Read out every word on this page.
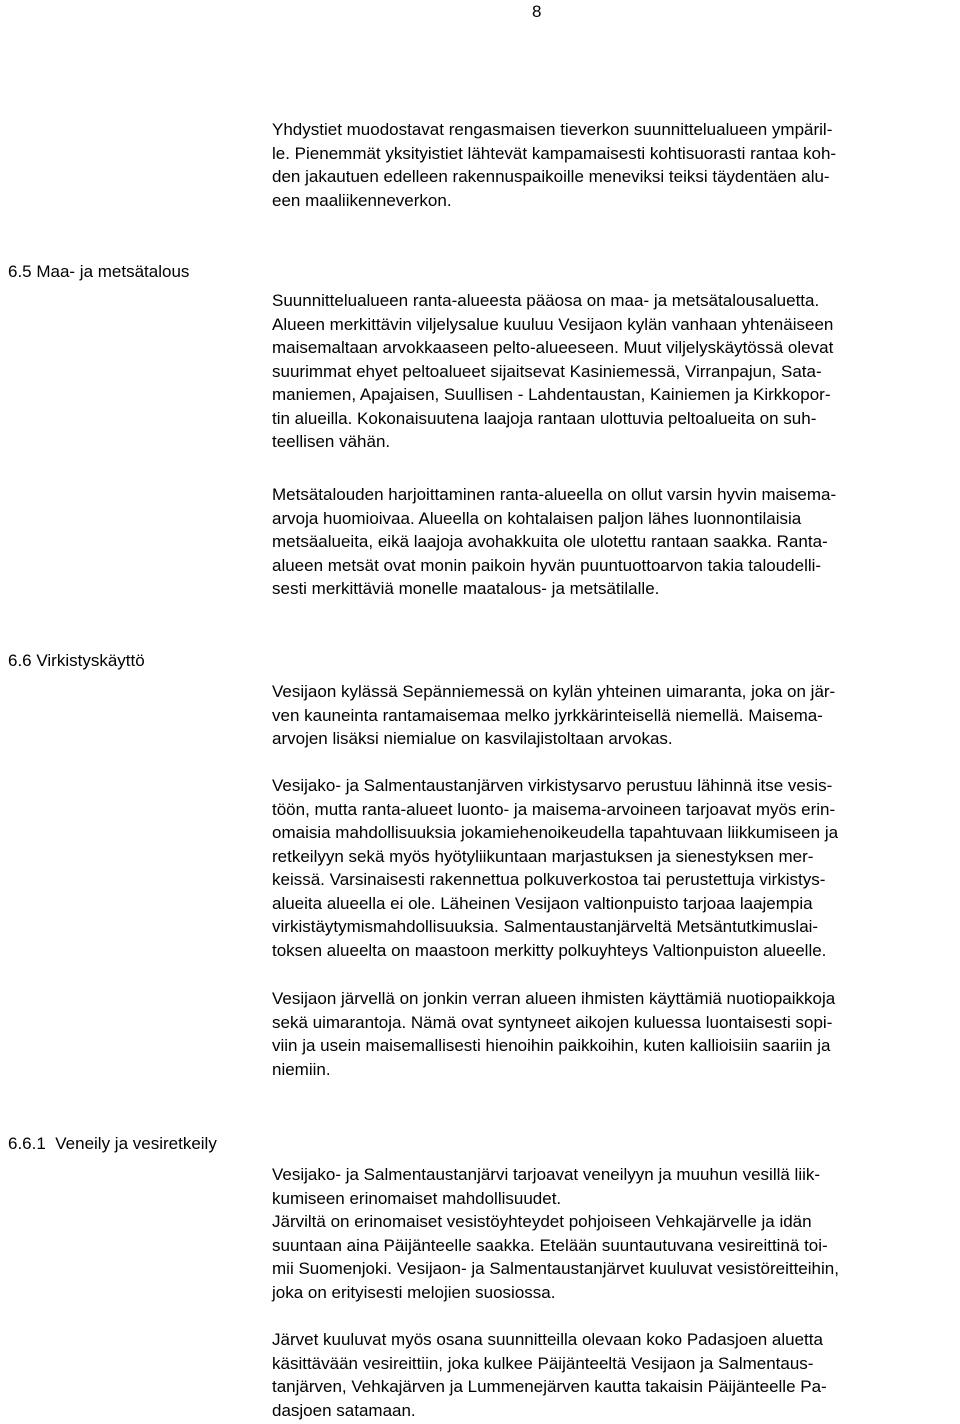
8
Yhdystiet muodostavat rengasmaisen tieverkon suunnittelualueen ympäril-
le. Pienemmät yksityistiet lähtevät kampamaisesti kohtisuorasti rantaa koh-
den jakautuen edelleen rakennuspaikoille meneviksi teiksi täydentäen alu-
een maaliikenneverkon.
6.5 Maa- ja metsätalous
Suunnittelualueen ranta-alueesta pääosa on maa- ja metsätalousaluetta.
Alueen merkittävin viljelysalue kuuluu Vesijaon kylän vanhaan yhtenäiseen
maisemaltaan arvokkaaseen pelto-alueeseen. Muut viljelyskäytössä olevat
suurimmat ehyet peltoalueet sijaitsevat Kasiniemessä, Virranpajun, Sata-
maniemen, Apajaisen, Suullisen - Lahdentaustan, Kainiemen ja Kirkkopor-
tin alueilla. Kokonaisuutena laajoja rantaan ulottuvia peltoalueita on suh-
teellisen vähän.
Metsätalouden harjoittaminen ranta-alueella on ollut varsin hyvin maisema-
arvoja huomioivaa. Alueella on kohtalaisen paljon lähes luonnontilaisia
metsäalueita, eikä laajoja avohakkuita ole ulotettu rantaan saakka. Ranta-
alueen metsät ovat monin paikoin hyvän puuntuottoarvon takia taloudelli-
sesti merkittäviä monelle maatalous- ja metsätilalle.
6.6 Virkistyskäyttö
Vesijaon kylässä Sepänniemessä on kylän yhteinen uimaranta, joka on jär-
ven kauneinta rantamaisemaa melko jyrkkärinteisellä niemellä. Maisema-
arvojen lisäksi niemialue on kasvilajistoltaan arvokas.
Vesijako- ja Salmentaustanjärven virkistysarvo perustuu lähinnä itse vesis-
töön, mutta ranta-alueet luonto- ja maisema-arvoineen tarjoavat myös erin-
omaisia mahdollisuuksia jokamiehenoikeudella tapahtuvaan liikkumiseen ja
retkeilyyn sekä myös hyötyliikuntaan marjastuksen ja sienestyksen mer-
keissä. Varsinaisesti rakennettua polkuverkostoa tai perustettuja virkistys-
alueita alueella ei ole. Läheinen Vesijaon valtionpuisto tarjoaa laajempia
virkistäytymismahdollisuuksia. Salmentaustanjärveltä Metsäntutkimuslai-
toksen alueelta on maastoon merkitty polkuyhteys Valtionpuiston alueelle.
Vesijaon järvellä on jonkin verran alueen ihmisten käyttämiä nuotiopaikkoja
sekä uimarantoja. Nämä ovat syntyneet aikojen kuluessa luontaisesti sopi-
viin ja usein maisemallisesti hienoihin paikkoihin, kuten kallioisiin saariin ja
niemiin.
6.6.1  Veneily ja vesiretkeily
Vesijako- ja Salmentaustanjärvi tarjoavat veneilyyn ja muuhun vesillä liik-
kumiseen erinomaiset mahdollisuudet.
Järviltä on erinomaiset vesistöyhteydet pohjoiseen Vehkajärvelle ja idän
suuntaan aina Päijänteelle saakka. Etelään suuntautuvana vesireittinä toi-
mii Suomenjoki. Vesijaon- ja Salmentaustanjärvet kuuluvat vesistöreitteihin,
joka on erityisesti melojien suosiossa.
Järvet kuuluvat myös osana suunnitteilla olevaan koko Padasjoen aluetta
käsittävään vesireittiin, joka kulkee Päijänteeltä Vesijaon ja Salmentaus-
tanjärven, Vehkajärven ja Lummenejärven kautta takaisin Päijänteelle Pa-
dasjoen satamaan.
